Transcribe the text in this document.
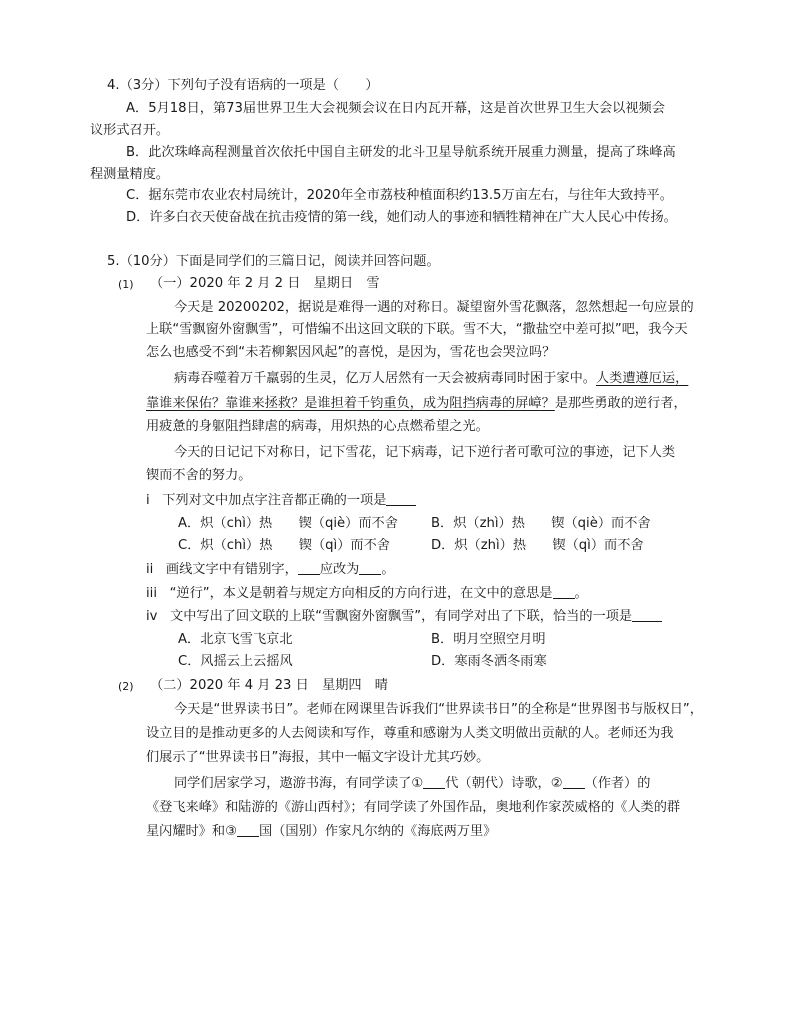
4.（3分）下列句子没有语病的一项是（　　）
A．5月18日，第73届世界卫生大会视频会议在日内瓦开幕，这是首次世界卫生大会以视频会
议形式召开。
B．此次珠峰高程测量首次依托中国自主研发的北斗卫星导航系统开展重力测量，提高了珠峰高
程测量精度。
C．据东莞市农业农村局统计，2020年全市荔枝种植面积约13.5万亩左右，与往年大致持平。
D．许多白衣天使奋战在抗击疫情的第一线，她们动人的事迹和牺牲精神在广大人民心中传扬。
5.（10分）下面是同学们的三篇日记，阅读并回答问题。
(1) （一）2020 年 2 月 2 日　星期日　雪
今天是 20200202，据说是难得一遇的对称日。凝望窗外雪花飘落，忽然想起一句应景的
上联“雪飘窗外窗飘雪”，可惜编不出这回文联的下联。雪不大，“撒盐空中差可拟”吧，我今天
怎么也感受不到“未若柳絮因风起”的喜悦，是因为，雪花也会哭泣吗？
病毒吞噬着万千羸弱的生灵，亿万人居然有一天会被病毒同时困于家中。人类遭遵厄运，
靠谁来保佑？靠谁来拯救？是谁担着千钧重负，成为阻挡病毒的屏嶂？是那些勇敢的逆行者，
用疲惫的身躯阻挡肆虐的病毒，用炽热的心点燃希望之光。
今天的日记记下对称日，记下雪花，记下病毒，记下逆行者可歌可泣的事迹，记下人类
锲而不舍的努力。
i 下列对文中加点字注音都正确的一项是
A．炽（chì）热　　锲（qiè）而不舍	B．炽（zhì）热　　锲（qiè）而不舍
C．炽（chì）热　　锲（qì）而不舍	D．炽（zhì）热　　锲（qì）而不舍
ii 画线文字中有错别字， 应改为 。
iii “逆行”，本义是朝着与规定方向相反的方向行进，在文中的意思是 。
iv 文中写出了回文联的上联“雪飘窗外窗飘雪”，有同学对出了下联，恰当的一项是
A．北京飞雪飞京北	B．明月空照空月明
C．风摇云上云摇风	D．寒雨冬洒冬雨寒
(2) （二）2020 年 4 月 23 日　星期四　晴
今天是“世界读书日”。老师在网课里告诉我们“世界读书日”的全称是“世界图书与版权日”，
设立目的是推动更多的人去阅读和写作，尊重和感谢为人类文明做出贡献的人。老师还为我
们展示了“世界读书日”海报，其中一幅文字设计尤其巧妙。
同学们居家学习，遨游书海，有同学读了① 代（朝代）诗歌，② （作者）的
《登飞来峰》和陆游的《游山西村》；有同学读了外国作品，奥地利作家茨威格的《人类的群
星闪耀时》和③ 国（国别）作家凡尔纳的《海底两万里》
